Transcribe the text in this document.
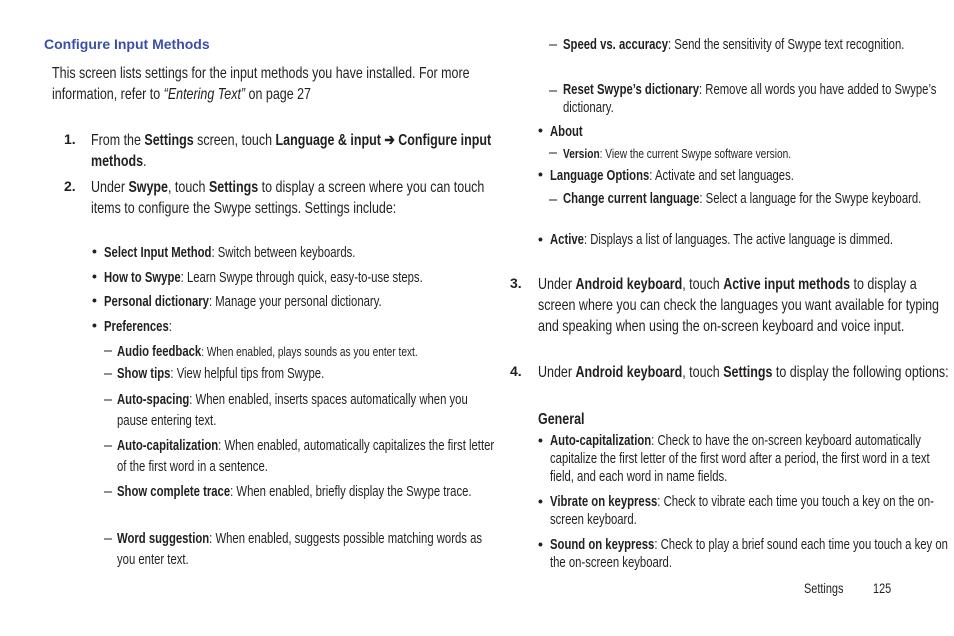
Configure Input Methods
This screen lists settings for the input methods you have installed. For more information, refer to “Entering Text” on page 27
1. From the Settings screen, touch Language & input ➔ Configure input methods.
2. Under Swype, touch Settings to display a screen where you can touch items to configure the Swype settings. Settings include:
• Select Input Method: Switch between keyboards.
• How to Swype: Learn Swype through quick, easy-to-use steps.
• Personal dictionary: Manage your personal dictionary.
• Preferences:
– Audio feedback: When enabled, plays sounds as you enter text.
– Show tips: View helpful tips from Swype.
– Auto-spacing: When enabled, inserts spaces automatically when you pause entering text.
– Auto-capitalization: When enabled, automatically capitalizes the first letter of the first word in a sentence.
– Show complete trace: When enabled, briefly display the Swype trace.
– Word suggestion: When enabled, suggests possible matching words as you enter text.
– Speed vs. accuracy: Send the sensitivity of Swype text recognition.
– Reset Swype’s dictionary: Remove all words you have added to Swype’s dictionary.
• About
– Version: View the current Swype software version.
• Language Options: Activate and set languages.
– Change current language: Select a language for the Swype keyboard.
• Active: Displays a list of languages. The active language is dimmed.
3. Under Android keyboard, touch Active input methods to display a screen where you can check the languages you want available for typing and speaking when using the on-screen keyboard and voice input.
4. Under Android keyboard, touch Settings to display the following options:
General
• Auto-capitalization: Check to have the on-screen keyboard automatically capitalize the first letter of the first word after a period, the first word in a text field, and each word in name fields.
• Vibrate on keypress: Check to vibrate each time you touch a key on the on-screen keyboard.
• Sound on keypress: Check to play a brief sound each time you touch a key on the on-screen keyboard.
Settings 125
